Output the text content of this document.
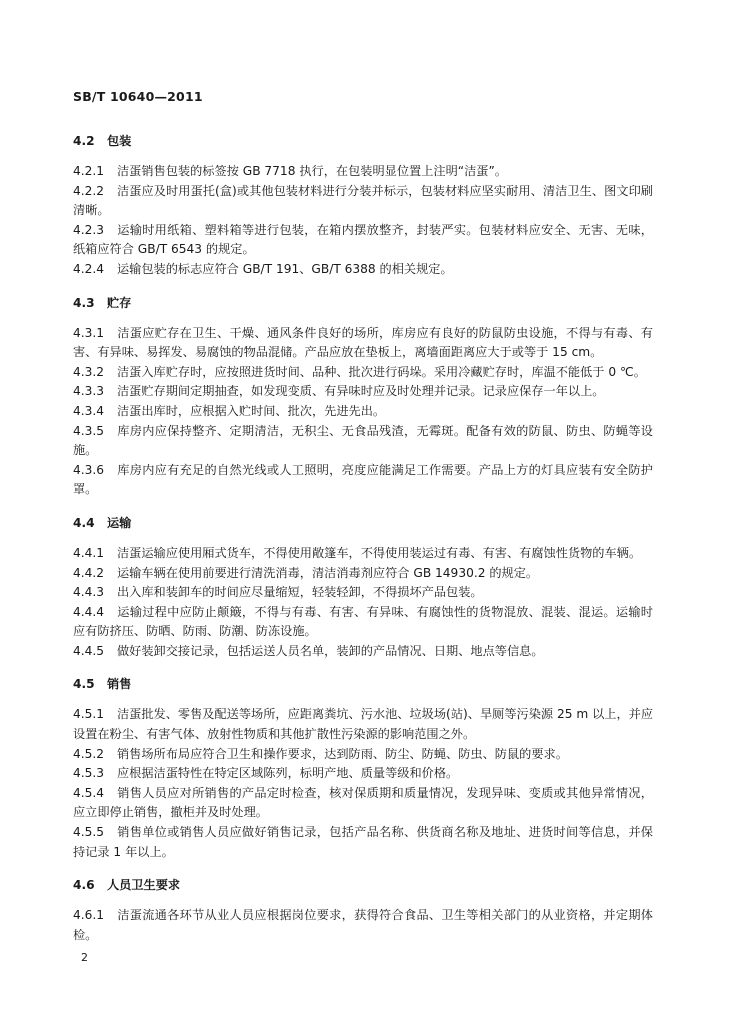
SB/T 10640—2011
4.2 包装

4.2.1 洁蛋销售包装的标签按 GB 7718 执行，在包装明显位置上注明“洁蛋”。

4.2.2 洁蛋应及时用蛋托(盒)或其他包装材料进行分装并标示，包装材料应坚实耐用、清洁卫生、图文印刷清晰。

4.2.3 运输时用纸箱、塑料箱等进行包装，在箱内摆放整齐，封装严实。包装材料应安全、无害、无味，纸箱应符合 GB/T 6543 的规定。

4.2.4 运输包装的标志应符合 GB/T 191、GB/T 6388 的相关规定。

4.3 贮存

4.3.1 洁蛋应贮存在卫生、干燥、通风条件良好的场所，库房应有良好的防鼠防虫设施，不得与有毒、有害、有异味、易挥发、易腐蚀的物品混储。产品应放在垫板上，离墙面距离应大于或等于 15 cm。

4.3.2 洁蛋入库贮存时，应按照进货时间、品种、批次进行码垛。采用冷藏贮存时，库温不能低于 0 ℃。

4.3.3 洁蛋贮存期间定期抽查，如发现变质、有异味时应及时处理并记录。记录应保存一年以上。

4.3.4 洁蛋出库时，应根据入贮时间、批次，先进先出。

4.3.5 库房内应保持整齐、定期清洁，无积尘、无食品残渣，无霉斑。配备有效的防鼠、防虫、防蝇等设施。

4.3.6 库房内应有充足的自然光线或人工照明，亮度应能满足工作需要。产品上方的灯具应装有安全防护罩。

4.4 运输

4.4.1 洁蛋运输应使用厢式货车，不得使用敞篷车，不得使用装运过有毒、有害、有腐蚀性货物的车辆。

4.4.2 运输车辆在使用前要进行清洗消毒，清洁消毒剂应符合 GB 14930.2 的规定。

4.4.3 出入库和装卸车的时间应尽量缩短，轻装轻卸，不得损坏产品包装。

4.4.4 运输过程中应防止颠簸，不得与有毒、有害、有异味、有腐蚀性的货物混放、混装、混运。运输时应有防挤压、防晒、防雨、防潮、防冻设施。

4.4.5 做好装卸交接记录，包括运送人员名单，装卸的产品情况、日期、地点等信息。

4.5 销售

4.5.1 洁蛋批发、零售及配送等场所，应距离粪坑、污水池、垃圾场(站)、旱厕等污染源 25 m 以上，并应设置在粉尘、有害气体、放射性物质和其他扩散性污染源的影响范围之外。

4.5.2 销售场所布局应符合卫生和操作要求，达到防雨、防尘、防蝇、防虫、防鼠的要求。

4.5.3 应根据洁蛋特性在特定区域陈列，标明产地、质量等级和价格。

4.5.4 销售人员应对所销售的产品定时检查，核对保质期和质量情况，发现异味、变质或其他异常情况，应立即停止销售，撤柜并及时处理。

4.5.5 销售单位或销售人员应做好销售记录，包括产品名称、供货商名称及地址、进货时间等信息，并保持记录 1 年以上。

4.6 人员卫生要求

4.6.1 洁蛋流通各环节从业人员应根据岗位要求，获得符合食品、卫生等相关部门的从业资格，并定期体检。

2
